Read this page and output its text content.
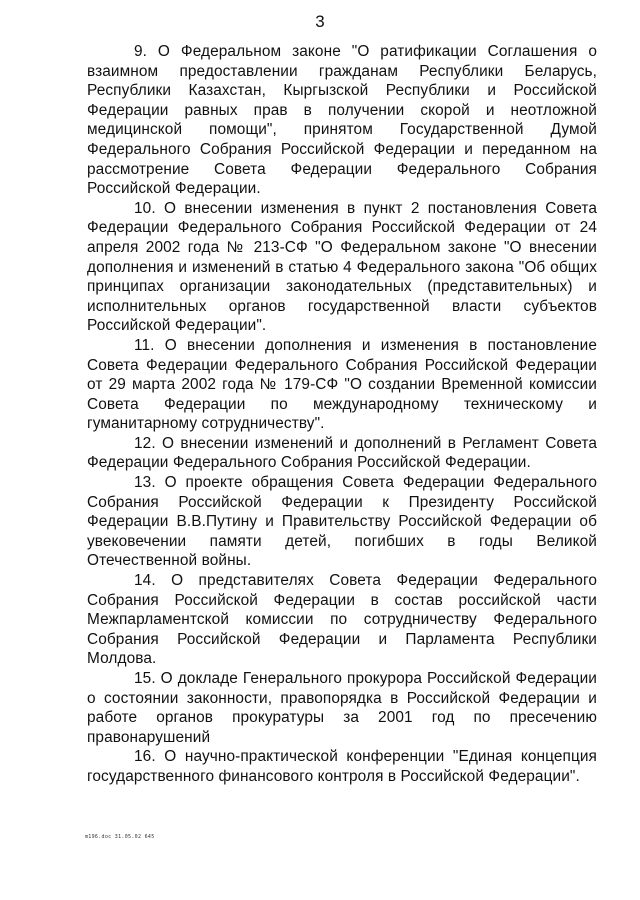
3

9. О Федеральном законе "О ратификации Соглашения о взаимном предоставлении гражданам Республики Беларусь, Республики Казахстан, Кыргызской Республики и Российской Федерации равных прав в получении скорой и неотложной медицинской помощи", принятом Государственной Думой Федерального Собрания Российской Федерации и переданном на рассмотрение Совета Федерации Федерального Собрания Российской Федерации.

10. О внесении изменения в пункт 2 постановления Совета Федерации Федерального Собрания Российской Федерации от 24 апреля 2002 года № 213-СФ "О Федеральном законе "О внесении дополнения и изменений в статью 4 Федерального закона "Об общих принципах организации законодательных (представительных) и исполнительных органов государственной власти субъектов Российской Федерации".

11. О внесении дополнения и изменения в постановление Совета Федерации Федерального Собрания Российской Федерации от 29 марта 2002 года № 179-СФ "О создании Временной комиссии Совета Федерации по международному техническому и гуманитарному сотрудничеству".

12. О внесении изменений и дополнений в Регламент Совета Федерации Федерального Собрания Российской Федерации.

13. О проекте обращения Совета Федерации Федерального Собрания Российской Федерации к Президенту Российской Федерации В.В.Путину и Правительству Российской Федерации об увековечении памяти детей, погибших в годы Великой Отечественной войны.

14. О представителях Совета Федерации Федерального Собрания Российской Федерации в состав российской части Межпарламентской комиссии по сотрудничеству Федерального Собрания Российской Федерации и Парламента Республики Молдова.

15. О докладе Генерального прокурора Российской Федерации о состоянии законности, правопорядка в Российской Федерации и работе органов прокуратуры за 2001 год по пресечению правонарушений

16. О научно-практической конференции "Единая концепция государственного финансового контроля в Российской Федерации".

m196.doc 31.05.02 645
